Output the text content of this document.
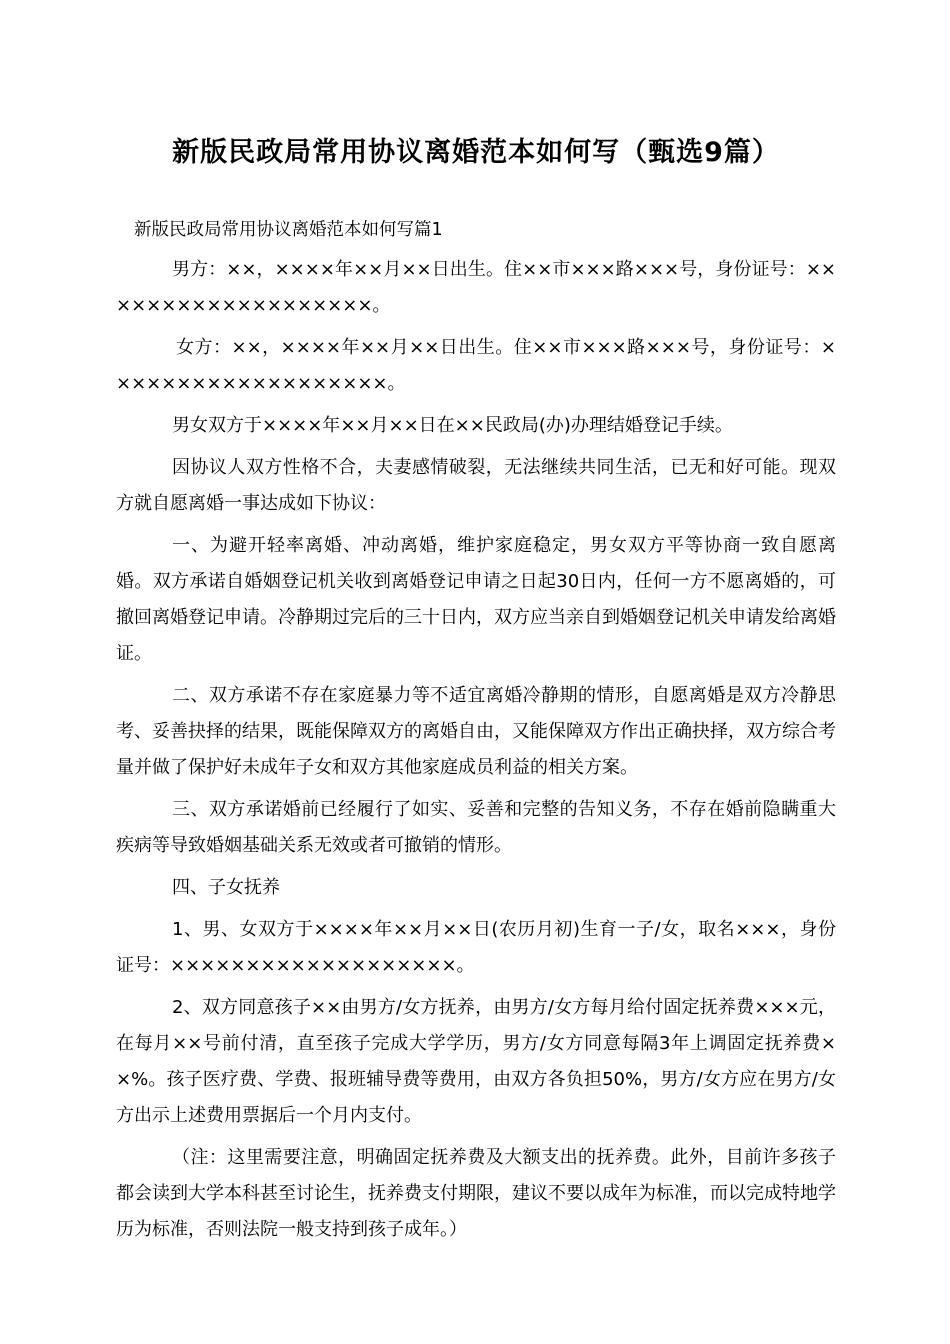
新版民政局常用协议离婚范本如何写（甄选9篇）
新版民政局常用协议离婚范本如何写篇1

男方：××，××××年××月××日出生。住××市×××路×××号，身份证号：×××××××××××××××××××。

女方：××，××××年××月××日出生。住××市×××路×××号，身份证号：×××××××××××××××××××。

男女双方于××××年××月××日在××民政局(办)办理结婚登记手续。

因协议人双方性格不合，夫妻感情破裂，无法继续共同生活，已无和好可能。现双方就自愿离婚一事达成如下协议：

一、为避开轻率离婚、冲动离婚，维护家庭稳定，男女双方平等协商一致自愿离婚。双方承诺自婚姻登记机关收到离婚登记申请之日起30日内，任何一方不愿离婚的，可撤回离婚登记申请。冷静期过完后的三十日内，双方应当亲自到婚姻登记机关申请发给离婚证。

二、双方承诺不存在家庭暴力等不适宜离婚冷静期的情形，自愿离婚是双方冷静思考、妥善抉择的结果，既能保障双方的离婚自由，又能保障双方作出正确抉择，双方综合考量并做了保护好未成年子女和双方其他家庭成员利益的相关方案。

三、双方承诺婚前已经履行了如实、妥善和完整的告知义务，不存在婚前隐瞒重大疾病等导致婚姻基础关系无效或者可撤销的情形。

四、子女抚养

1、男、女双方于××××年××月××日(农历月初)生育一子/女，取名×××，身份证号：×××××××××××××××××××。

2、双方同意孩子××由男方/女方抚养，由男方/女方每月给付固定抚养费×××元，在每月××号前付清，直至孩子完成大学学历，男方/女方同意每隔3年上调固定抚养费××%。孩子医疗费、学费、报班辅导费等费用，由双方各负担50%，男方/女方应在男方/女方出示上述费用票据后一个月内支付。

（注：这里需要注意，明确固定抚养费及大额支出的抚养费。此外，目前许多孩子都会读到大学本科甚至讨论生，抚养费支付期限，建议不要以成年为标准，而以完成特地学历为标准，否则法院一般支持到孩子成年。）
